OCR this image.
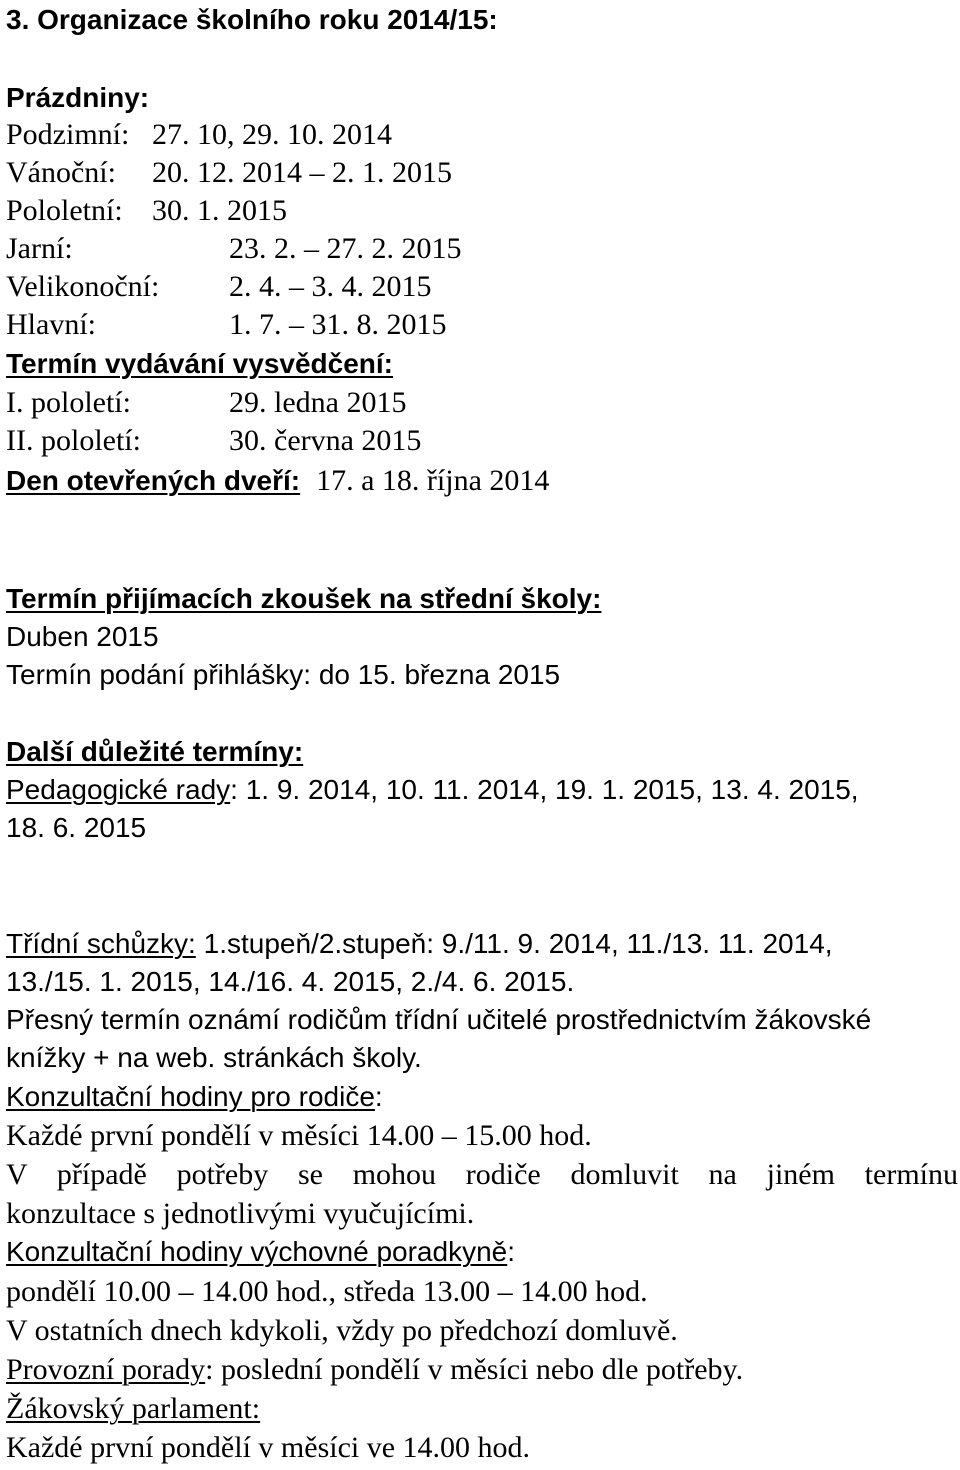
3. Organizace školního roku 2014/15:
Prázdniny:
Podzimní: 27. 10, 29. 10. 2014
Vánoční: 20. 12. 2014 – 2. 1. 2015
Pololetní: 30. 1. 2015
Jarní:	23. 2. – 27. 2. 2015
Velikonoční: 2. 4. – 3. 4. 2015
Hlavní:	1. 7. – 31. 8. 2015
Termín vydávání vysvědčení:
I. pololetí:	29. ledna 2015
II. pololetí:	30. června 2015
Den otevřených dveří: 17. a 18. října 2014
Termín přijímacích zkoušek na střední školy:
Duben 2015
Termín podání přihlášky: do 15. března 2015
Další důležité termíny:
Pedagogické rady: 1. 9. 2014, 10. 11. 2014, 19. 1. 2015, 13. 4. 2015,
18. 6. 2015
Třídní schůzky: 1.stupeň/2.stupeň: 9./11. 9. 2014, 11./13. 11. 2014,
13./15. 1. 2015, 14./16. 4. 2015, 2./4. 6. 2015.
Přesný termín oznámí rodičům třídní učitelé prostřednictvím žákovské
knížky + na web. stránkách školy.
Konzultační hodiny pro rodiče:
Každé první pondělí v měsíci 14.00 – 15.00 hod.
V případě potřeby se mohou rodiče domluvit na jiném termínu
konzultace s jednotlivými vyučujícími.
Konzultační hodiny výchovné poradkyně:
pondělí 10.00 – 14.00 hod., středa 13.00 – 14.00 hod.
V ostatních dnech kdykoli, vždy po předchozí domluvě.
Provozní porady: poslední pondělí v měsíci nebo dle potřeby.
Žákovský parlament:
Každé první pondělí v měsíci ve 14.00 hod.
